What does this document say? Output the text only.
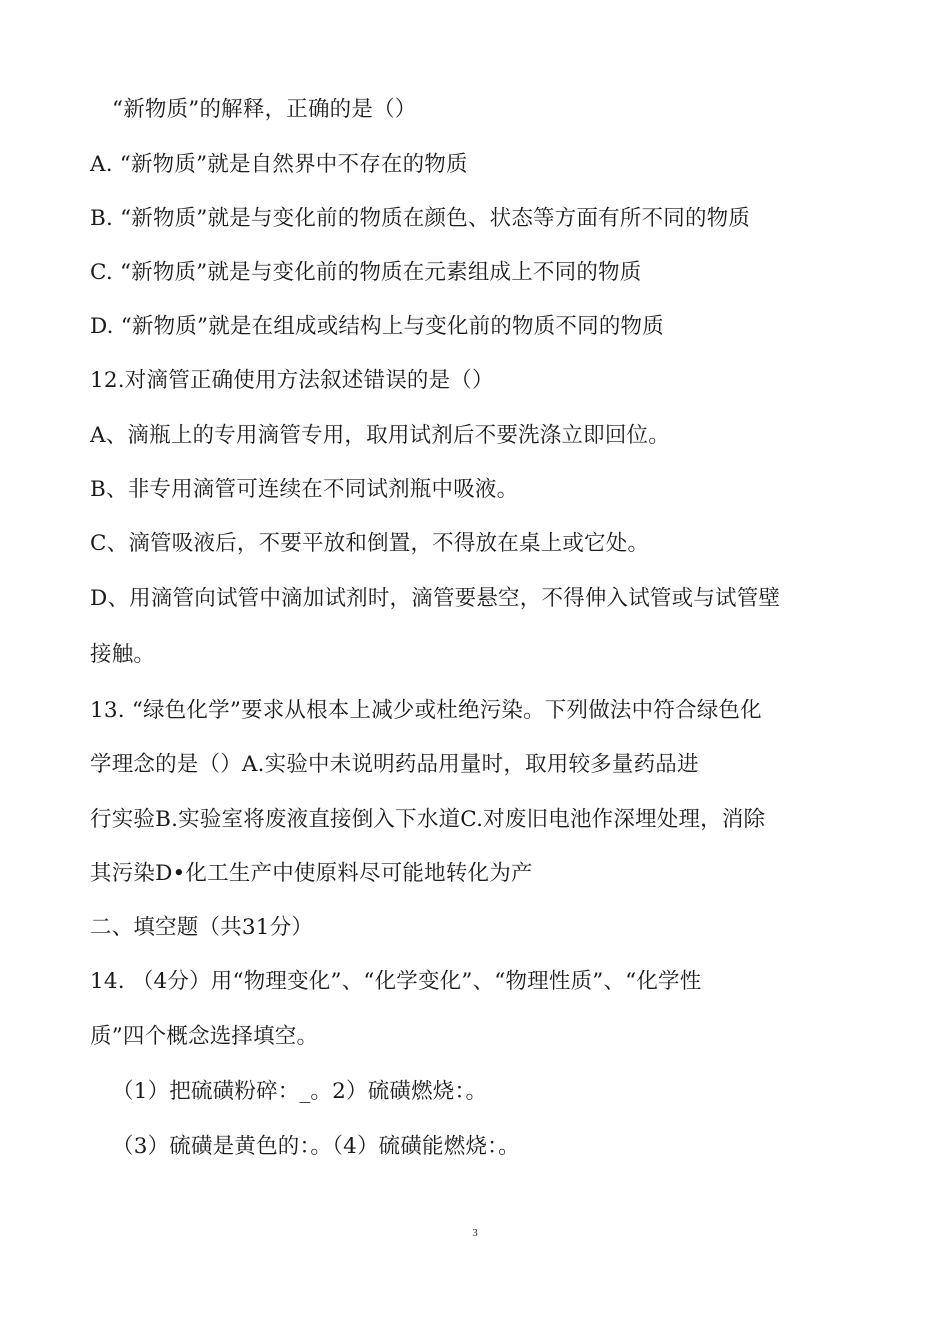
“新物质”的解释，正确的是（）
A. “新物质”就是自然界中不存在的物质
B. “新物质”就是与变化前的物质在颜色、状态等方面有所不同的物质
C. “新物质”就是与变化前的物质在元素组成上不同的物质
D. “新物质”就是在组成或结构上与变化前的物质不同的物质
12.对滴管正确使用方法叙述错误的是（）
A、滴瓶上的专用滴管专用，取用试剂后不要洗涤立即回位。
B、非专用滴管可连续在不同试剂瓶中吸液。
C、滴管吸液后，不要平放和倒置，不得放在桌上或它处。
D、用滴管向试管中滴加试剂时，滴管要悬空，不得伸入试管或与试管壁
接触。
13. “绿色化学”要求从根本上减少或杜绝污染。下列做法中符合绿色化
学理念的是（）A.实验中未说明药品用量时，取用较多量药品进
行实验B.实验室将废液直接倒入下水道C.对废旧电池作深埋处理，消除
其污染D•化工生产中使原料尽可能地转化为产
二、填空题（共31分）
14. （4分）用“物理变化”、“化学变化”、“物理性质”、“化学性
质”四个概念选择填空。
（1）把硫磺粉碎：_。2）硫磺燃烧：。
（3）硫磺是黄色的：。（4）硫磺能燃烧：。
3
